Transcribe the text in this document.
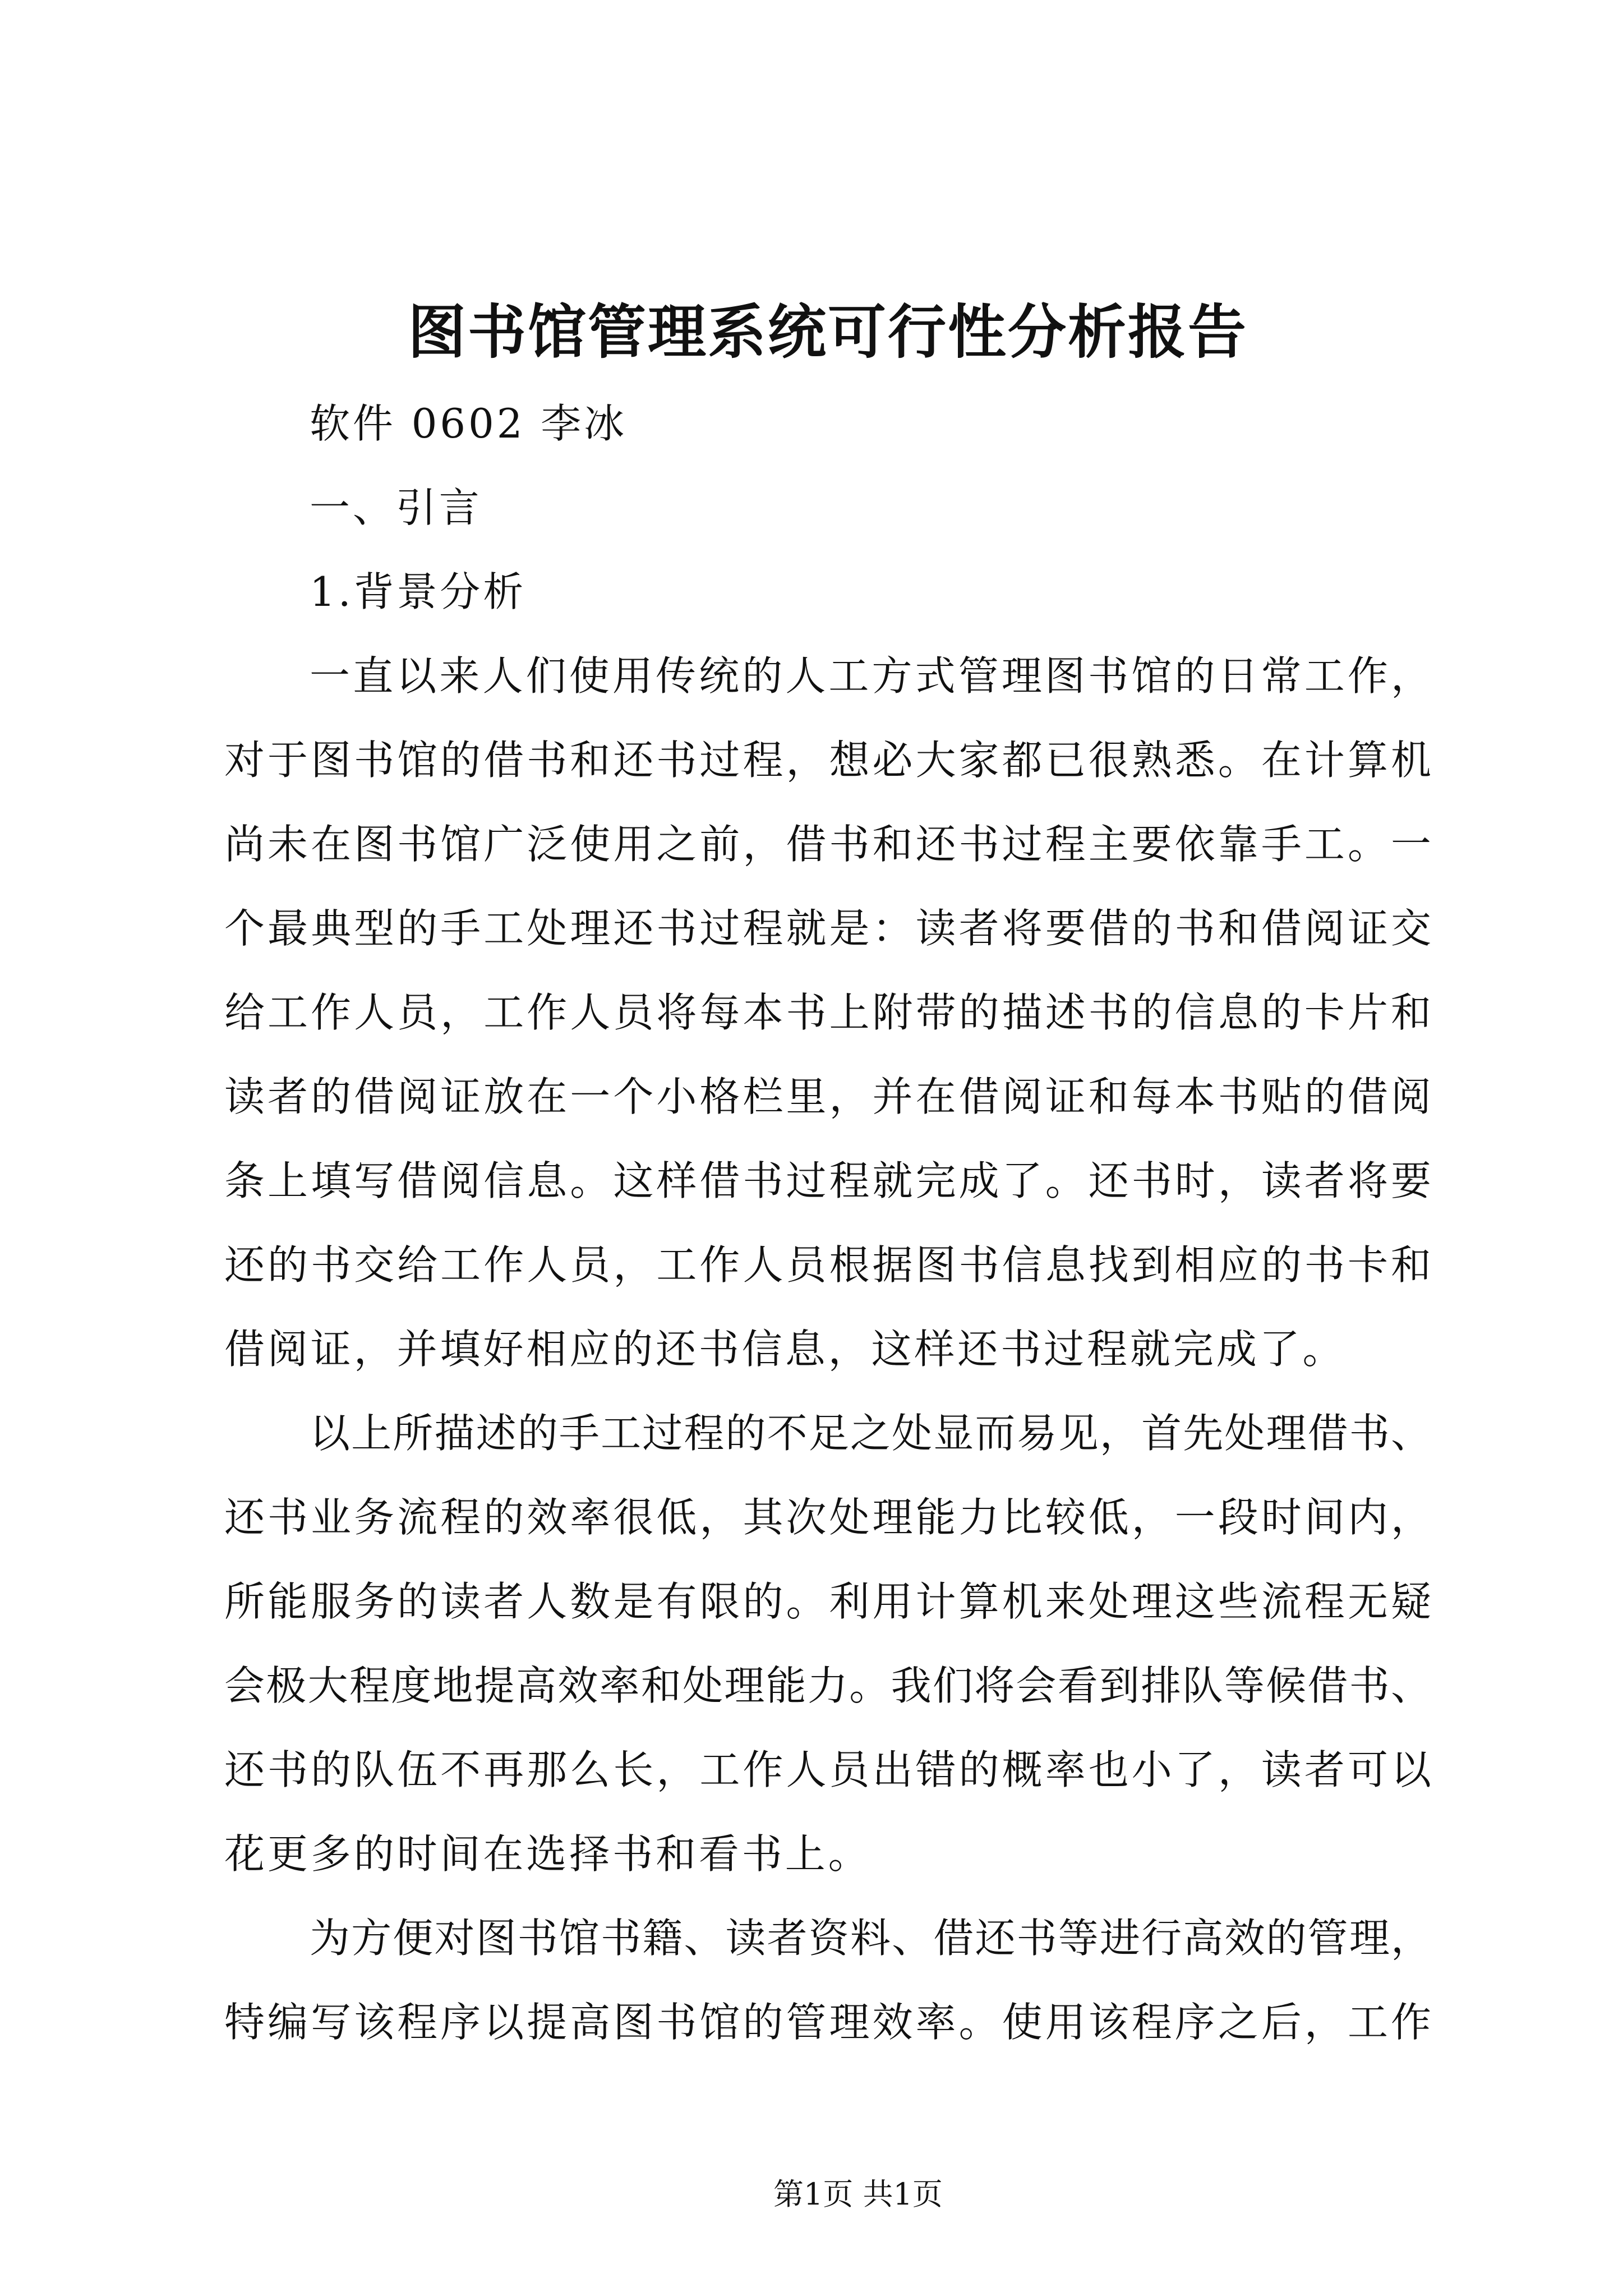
图书馆管理系统可行性分析报告
软件 0602 李冰
一、引言
1.背景分析
一直以来人们使用传统的人工方式管理图书馆的日常工作，
对于图书馆的借书和还书过程，想必大家都已很熟悉。在计算机
尚未在图书馆广泛使用之前，借书和还书过程主要依靠手工。一
个最典型的手工处理还书过程就是：读者将要借的书和借阅证交
给工作人员，工作人员将每本书上附带的描述书的信息的卡片和
读者的借阅证放在一个小格栏里，并在借阅证和每本书贴的借阅
条上填写借阅信息。这样借书过程就完成了。还书时，读者将要
还的书交给工作人员，工作人员根据图书信息找到相应的书卡和
借阅证，并填好相应的还书信息，这样还书过程就完成了。
以上所描述的手工过程的不足之处显而易见，首先处理借书、
还书业务流程的效率很低，其次处理能力比较低，一段时间内，
所能服务的读者人数是有限的。利用计算机来处理这些流程无疑
会极大程度地提高效率和处理能力。我们将会看到排队等候借书、
还书的队伍不再那么长，工作人员出错的概率也小了，读者可以
花更多的时间在选择书和看书上。
为方便对图书馆书籍、读者资料、借还书等进行高效的管理，
特编写该程序以提高图书馆的管理效率。使用该程序之后，工作
第1页 共1页
